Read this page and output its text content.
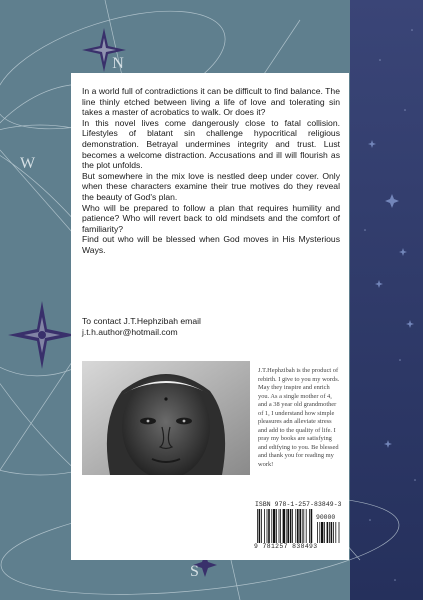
N
W
S

In a world full of contradictions it can be difficult to find balance. The line thinly etched between living a life of love and tolerating sin takes a master of acrobatics to walk. Or does it?

In this novel lives come dangerously close to fatal collision. Lifestyles of blatant sin challenge hypocritical religious demonstration. Betrayal undermines integrity and trust. Lust becomes a welcome distraction. Accusations and ill will flourish as the plot unfolds.

But somewhere in the mix love is nestled deep under cover. Only when these characters examine their true motives do they reveal the beauty of God's plan.

Who will be prepared to follow a plan that requires humility and patience? Who will revert back to old mindsets and the comfort of familiarity?

Find out who will be blessed when God moves in His Mysterious Ways.

To contact J.T.Hephzibah email

j.t.h.author@hotmail.com

J.T.Hephzibah is the product of rebirth. I give to you my words. May they inspire and enrich you. As a single mother of 4, and a 38 year old grandmother of 1, I understand how simple pleasures adn alleviate stress and add to the quality of life. I pray my books are satisfying and edifying to you. Be blessed and thank you for reading my work!
ISBN 978-1-257-83849-3
90000
9 781257 838493
